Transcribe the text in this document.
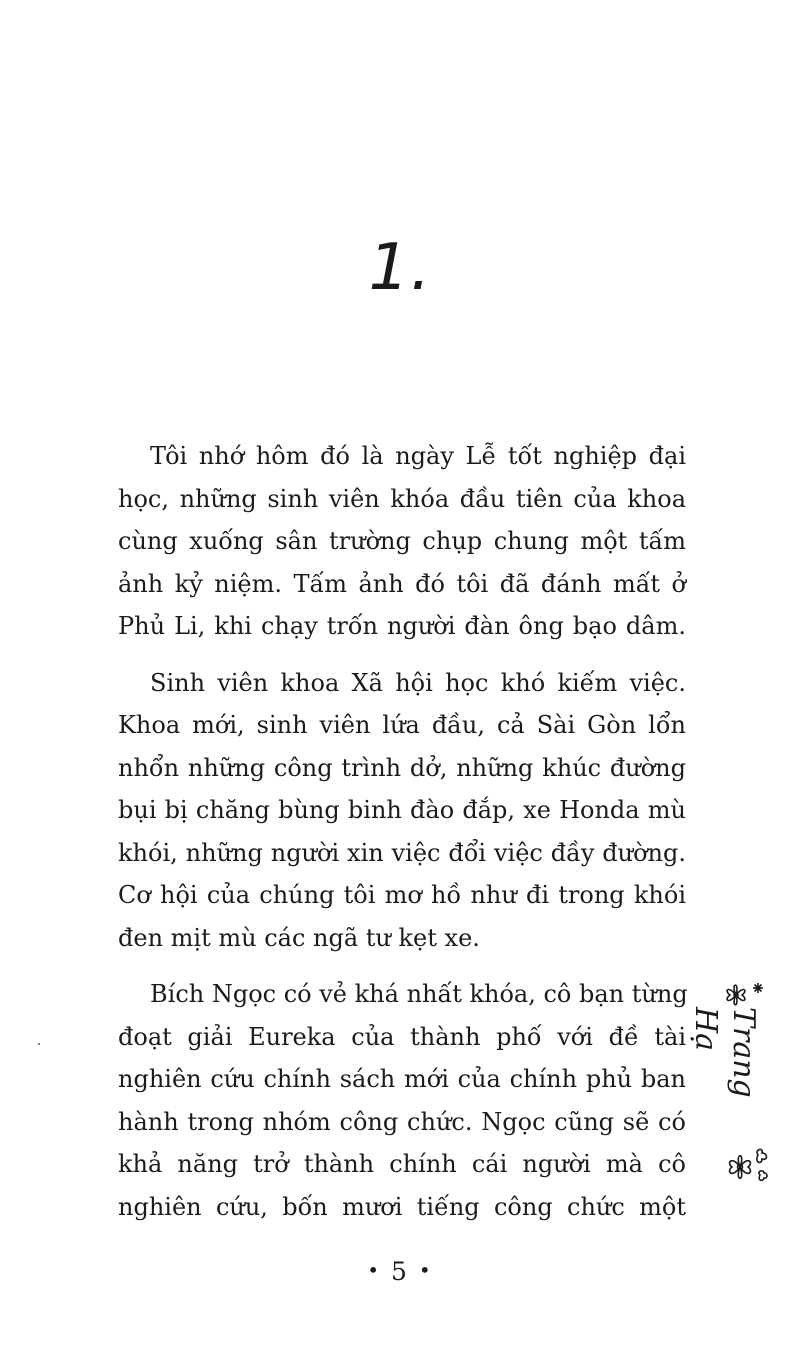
1.

Tôi nhớ hôm đó là ngày Lễ tốt nghiệp đại
học, những sinh viên khóa đầu tiên của khoa
cùng xuống sân trường chụp chung một tấm
ảnh kỷ niệm. Tấm ảnh đó tôi đã đánh mất ở
Phủ Li, khi chạy trốn người đàn ông bạo dâm.

Sinh viên khoa Xã hội học khó kiếm việc.
Khoa mới, sinh viên lứa đầu, cả Sài Gòn lổn
nhổn những công trình dở, những khúc đường
bụi bị chăng bùng binh đào đắp, xe Honda mù
khói, những người xin việc đổi việc đầy đường.
Cơ hội của chúng tôi mơ hồ như đi trong khói
đen mịt mù các ngã tư kẹt xe.

Bích Ngọc có vẻ khá nhất khóa, cô bạn từng
đoạt giải Eureka của thành phố với đề tài
nghiên cứu chính sách mới của chính phủ ban
hành trong nhóm công chức. Ngọc cũng sẽ có
khả năng trở thành chính cái người mà cô
nghiên cứu, bốn mươi tiếng công chức một

Trang Hạ
• 5 •
